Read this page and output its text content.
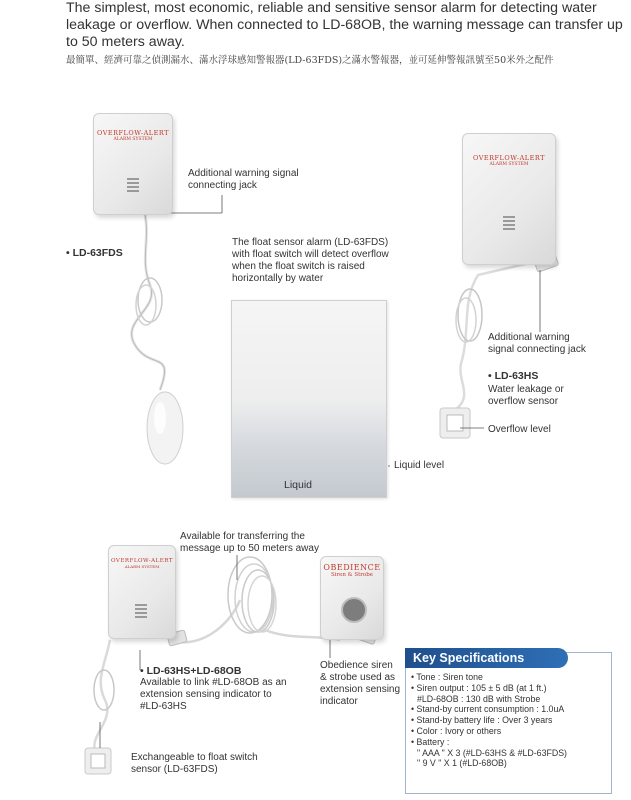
The simplest, most economic, reliable and sensitive sensor alarm for detecting water leakage or overflow. When connected to LD-68OB, the warning message can transfer up to 50 meters away.
最簡單、經濟可靠之偵測漏水、滿水浮球感知警報器(LD-63FDS)之滿水警報器，並可延伸警報訊號至50米外之配件
OVERFLOW-ALERT
ALARM SYSTEM
Additional warning signal connecting jack
• LD-63FDS
The float sensor alarm (LD-63FDS) with float switch will detect overflow when the float switch is raised horizontally by water
Liquid
Liquid level
OVERFLOW-ALERT
ALARM SYSTEM
Additional warning signal connecting jack
• LD-63HS
Water leakage or overflow sensor
Overflow level
Available for transferring the message up to 50 meters away
OVERFLOW-ALERT
ALARM SYSTEM	OBEDIENCE
Siren & Strobe
• LD-63HS+LD-68OB
Available to link #LD-68OB as an extension sensing indicator to #LD-63HS
Obedience siren & strobe used as extension sensing indicator
Exchangeable to float switch sensor (LD-63FDS)
Key Specifications
• Tone : Siren tone
• Siren output : 105 ± 5 dB (at 1 ft.)
#LD-68OB : 130 dB with Strobe
• Stand-by current consumption : 1.0uA
• Stand-by battery life : Over 3 years
• Color : Ivory or others
• Battery :
" AAA " X 3 (#LD-63HS & #LD-63FDS)
" 9 V " X 1 (#LD-68OB)
